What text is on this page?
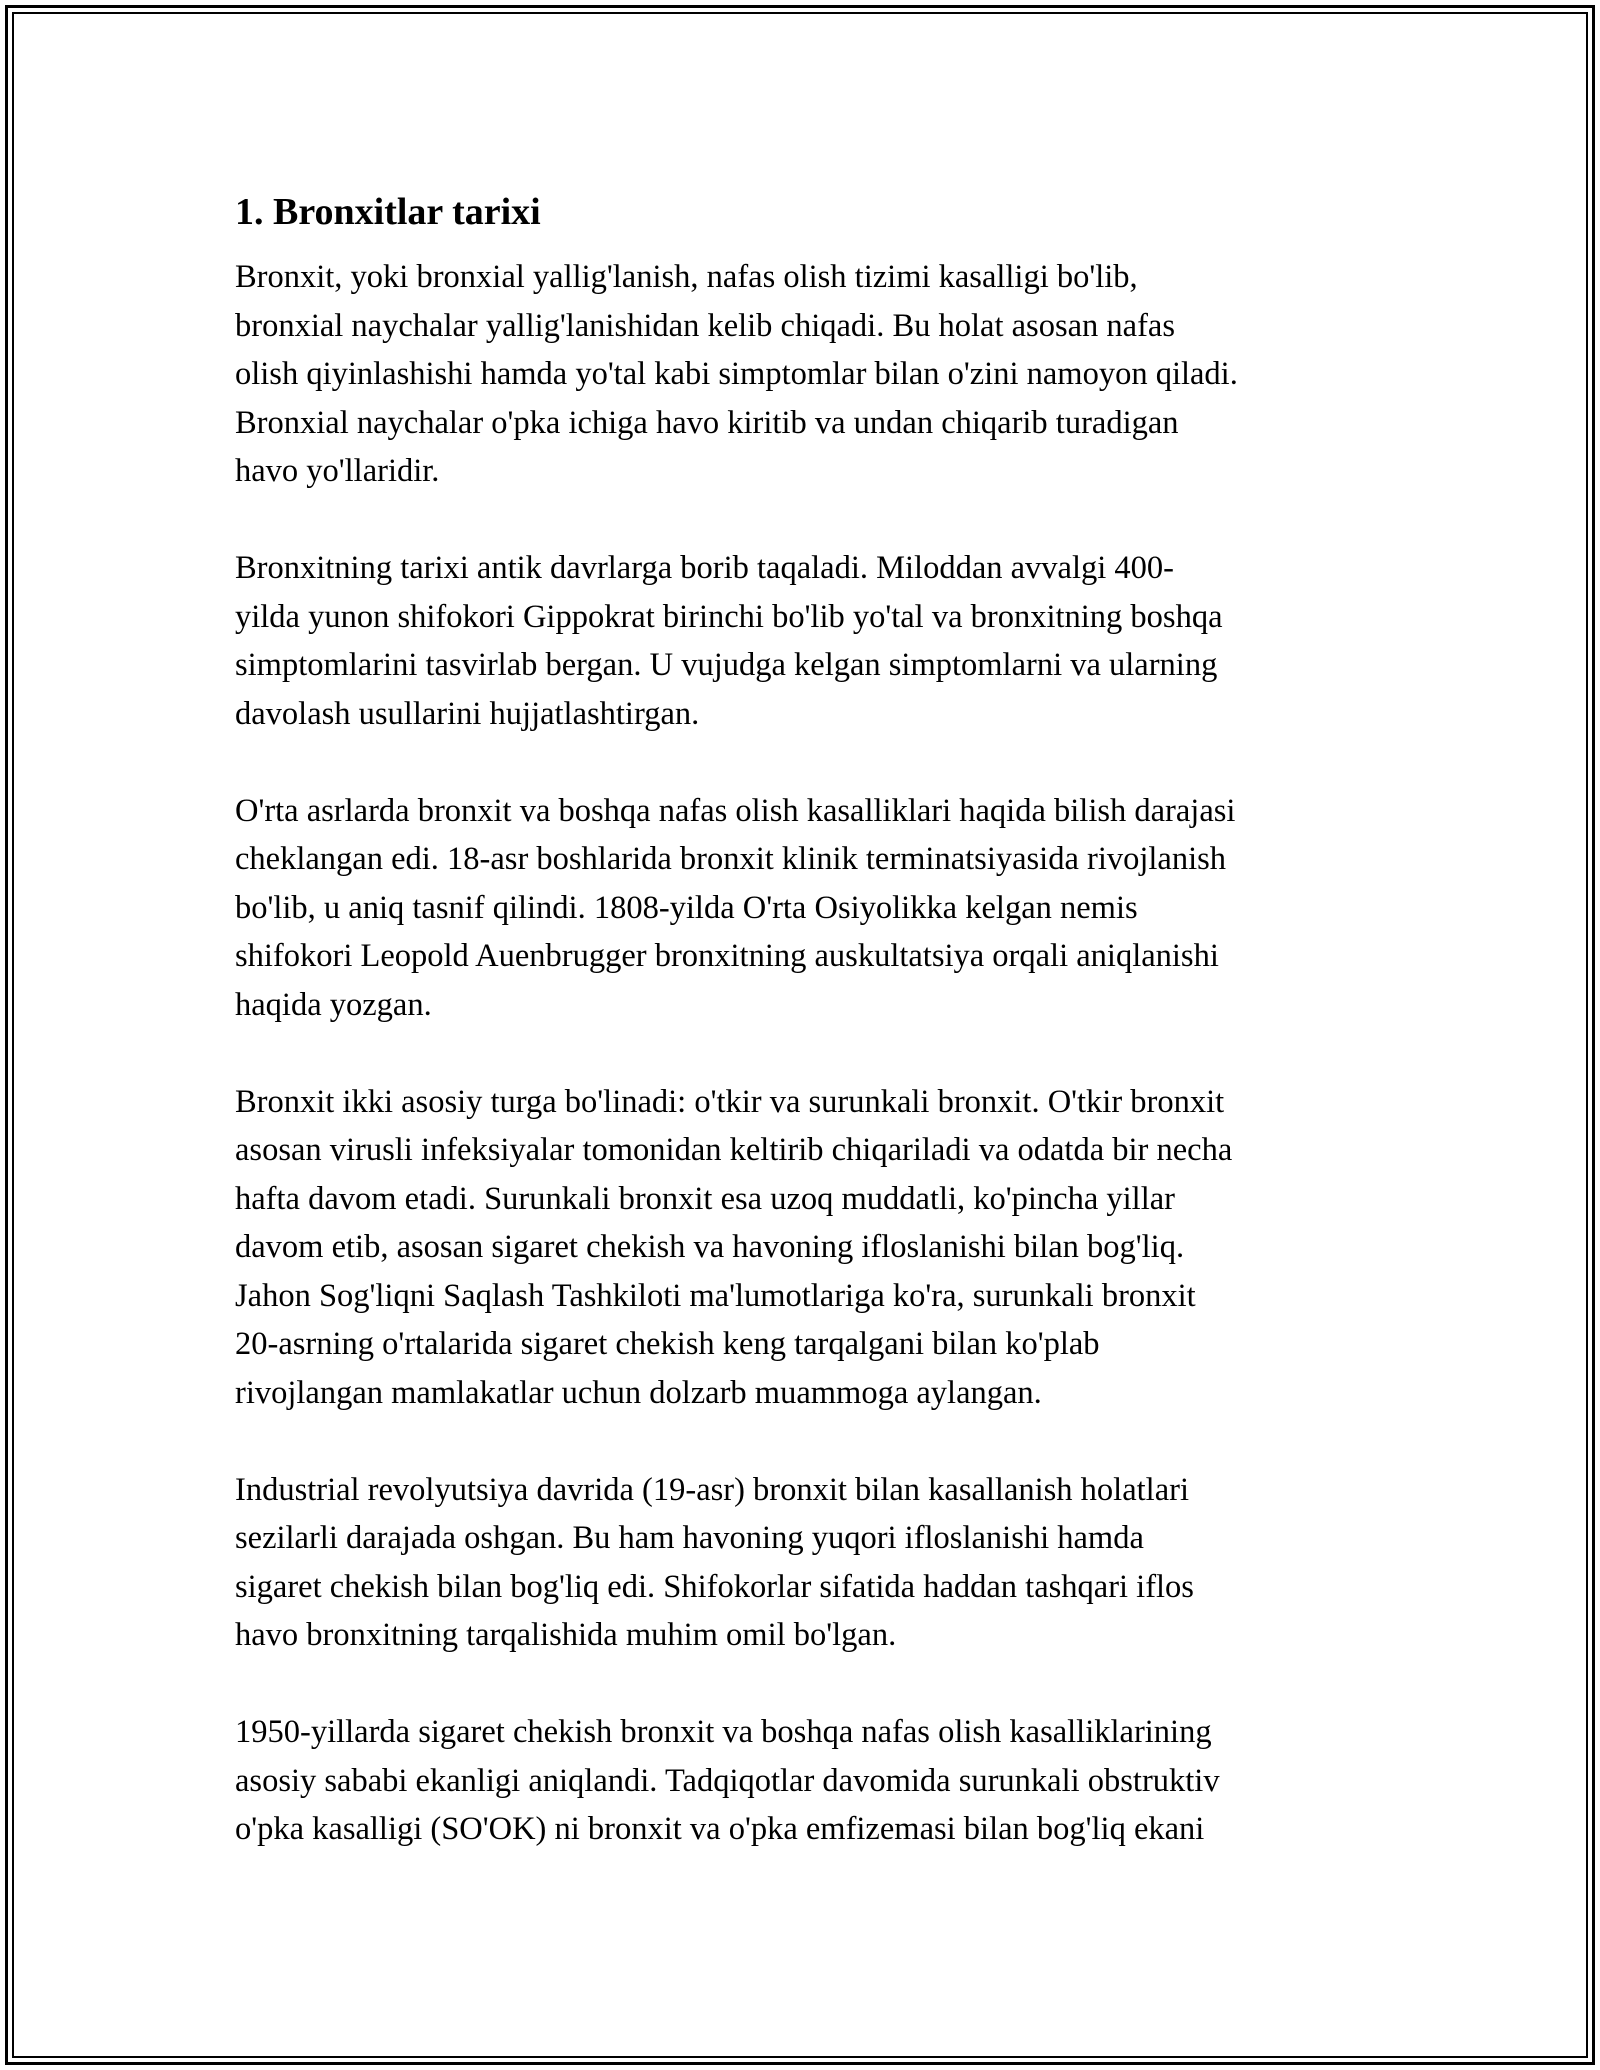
1. Bronxitlar tarixi

Bronxit, yoki bronxial yallig'lanish, nafas olish tizimi kasalligi bo'lib,
bronxial naychalar yallig'lanishidan kelib chiqadi. Bu holat asosan nafas
olish qiyinlashishi hamda yo'tal kabi simptomlar bilan o'zini namoyon qiladi.
Bronxial naychalar o'pka ichiga havo kiritib va undan chiqarib turadigan
havo yo'llaridir.

Bronxitning tarixi antik davrlarga borib taqaladi. Miloddan avvalgi 400-
yilda yunon shifokori Gippokrat birinchi bo'lib yo'tal va bronxitning boshqa
simptomlarini tasvirlab bergan. U vujudga kelgan simptomlarni va ularning
davolash usullarini hujjatlashtirgan.

O'rta asrlarda bronxit va boshqa nafas olish kasalliklari haqida bilish darajasi
cheklangan edi. 18-asr boshlarida bronxit klinik terminatsiyasida rivojlanish
bo'lib, u aniq tasnif qilindi. 1808-yilda O'rta Osiyolikka kelgan nemis
shifokori Leopold Auenbrugger bronxitning auskultatsiya orqali aniqlanishi
haqida yozgan.

Bronxit ikki asosiy turga bo'linadi: o'tkir va surunkali bronxit. O'tkir bronxit
asosan virusli infeksiyalar tomonidan keltirib chiqariladi va odatda bir necha
hafta davom etadi. Surunkali bronxit esa uzoq muddatli, ko'pincha yillar
davom etib, asosan sigaret chekish va havoning ifloslanishi bilan bog'liq.
Jahon Sog'liqni Saqlash Tashkiloti ma'lumotlariga ko'ra, surunkali bronxit
20-asrning o'rtalarida sigaret chekish keng tarqalgani bilan ko'plab
rivojlangan mamlakatlar uchun dolzarb muammoga aylangan.

Industrial revolyutsiya davrida (19-asr) bronxit bilan kasallanish holatlari
sezilarli darajada oshgan. Bu ham havoning yuqori ifloslanishi hamda
sigaret chekish bilan bog'liq edi. Shifokorlar sifatida haddan tashqari iflos
havo bronxitning tarqalishida muhim omil bo'lgan.

1950-yillarda sigaret chekish bronxit va boshqa nafas olish kasalliklarining
asosiy sababi ekanligi aniqlandi. Tadqiqotlar davomida surunkali obstruktiv
o'pka kasalligi (SO'OK) ni bronxit va o'pka emfizemasi bilan bog'liq ekani
